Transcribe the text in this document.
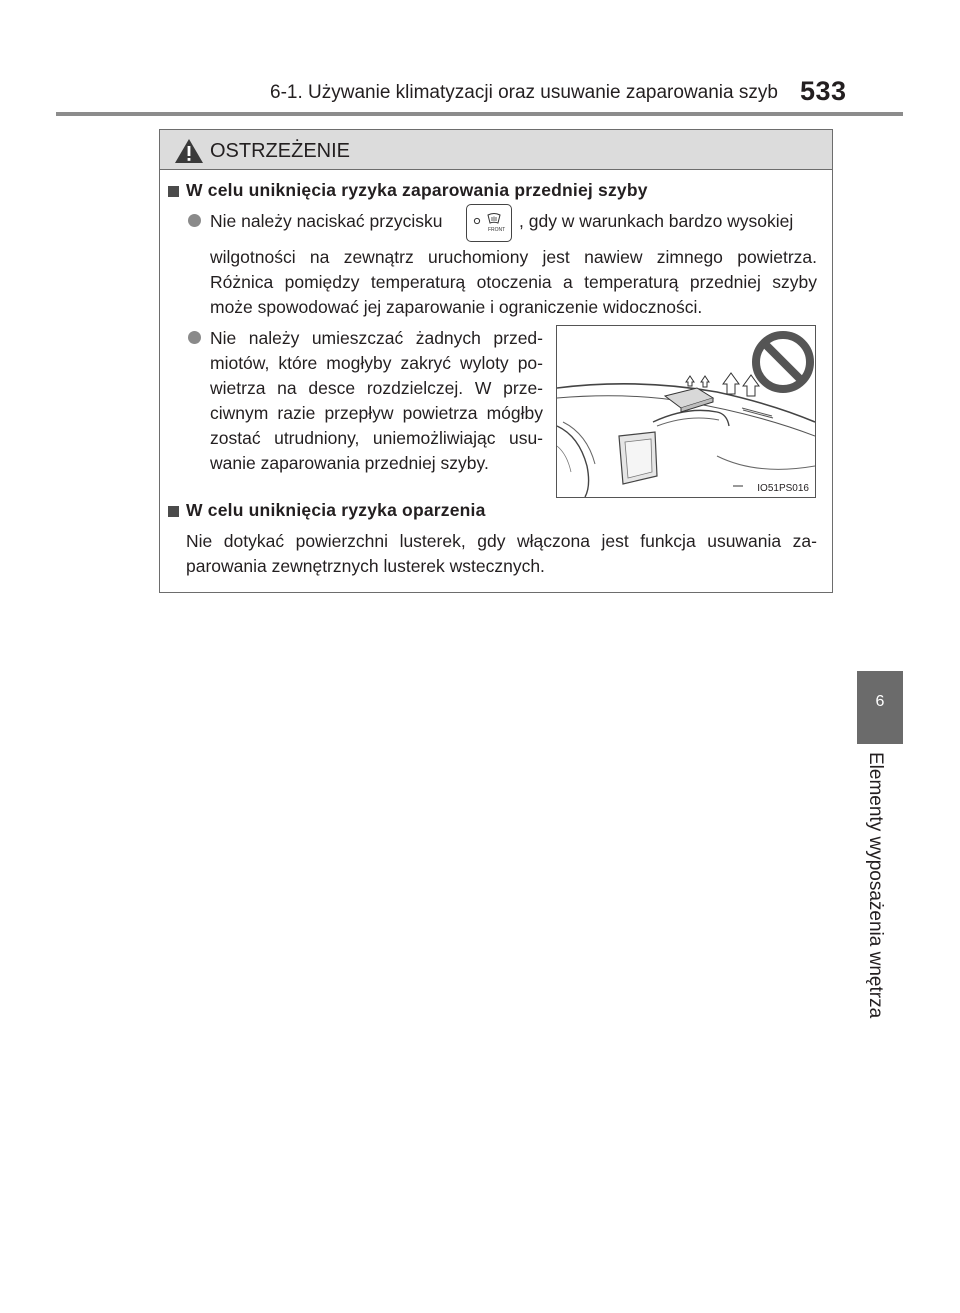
6-1. Używanie klimatyzacji oraz usuwanie zaparowania szyb 533
OSTRZEŻENIE
W celu uniknięcia ryzyka zaparowania przedniej szyby
Nie należy naciskać przycisku	FRONT , gdy w warunkach bardzo wysokiej
wilgotności na zewnątrz uruchomiony jest nawiew zimnego powietrza.
Różnica pomiędzy temperaturą otoczenia a temperaturą przedniej szyby
może spowodować jej zaparowanie i ograniczenie widoczności.
Nie należy umieszczać żadnych przed-
miotów, które mogłyby zakryć wyloty po-
wietrza na desce rozdzielczej. W prze-
ciwnym razie przepływ powietrza mógłby
zostać utrudniony, uniemożliwiając usu-
wanie zaparowania przedniej szyby.
IO51PS016
W celu uniknięcia ryzyka oparzenia
Nie dotykać powierzchni lusterek, gdy włączona jest funkcja usuwania za-
parowania zewnętrznych lusterek wstecznych.
6
Elementy wyposażenia wnętrza
